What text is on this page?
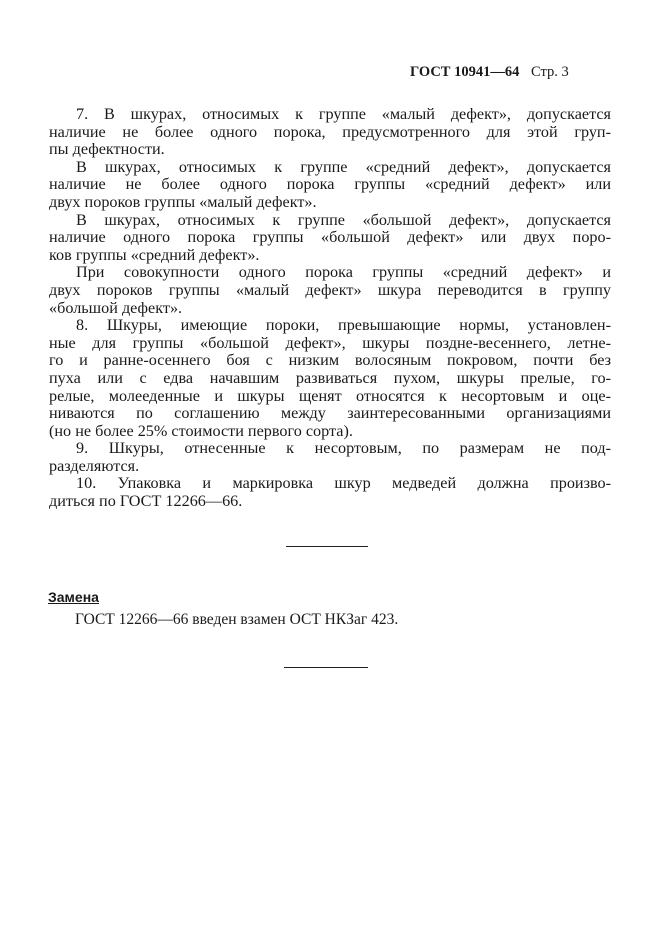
ГОСТ 10941—64 Стр. 3
7. В шкурах, относимых к группе «малый дефект», допускается
наличие не более одного порока, предусмотренного для этой груп-
пы дефектности.
В шкурах, относимых к группе «средний дефект», допускается
наличие не более одного порока группы «средний дефект» или
двух пороков группы «малый дефект».
В шкурах, относимых к группе «большой дефект», допускается
наличие одного порока группы «большой дефект» или двух поро-
ков группы «средний дефект».
При совокупности одного порока группы «средний дефект» и
двух пороков группы «малый дефект» шкура переводится в группу
«большой дефект».
8. Шкуры, имеющие пороки, превышающие нормы, установлен-
ные для группы «большой дефект», шкуры поздне-весеннего, летне-
го и ранне-осеннего боя с низким волосяным покровом, почти без
пуха или с едва начавшим развиваться пухом, шкуры прелые, го-
релые, молееденные и шкуры щенят относятся к несортовым и оце-
ниваются по соглашению между заинтересованными организациями
(но не более 25% стоимости первого сорта).
9. Шкуры, отнесенные к несортовым, по размерам не под-
разделяются.
10. Упаковка и маркировка шкур медведей должна произво-
диться по ГОСТ 12266—66.
Замена
ГОСТ 12266—66 введен взамен ОСТ НКЗаг 423.
